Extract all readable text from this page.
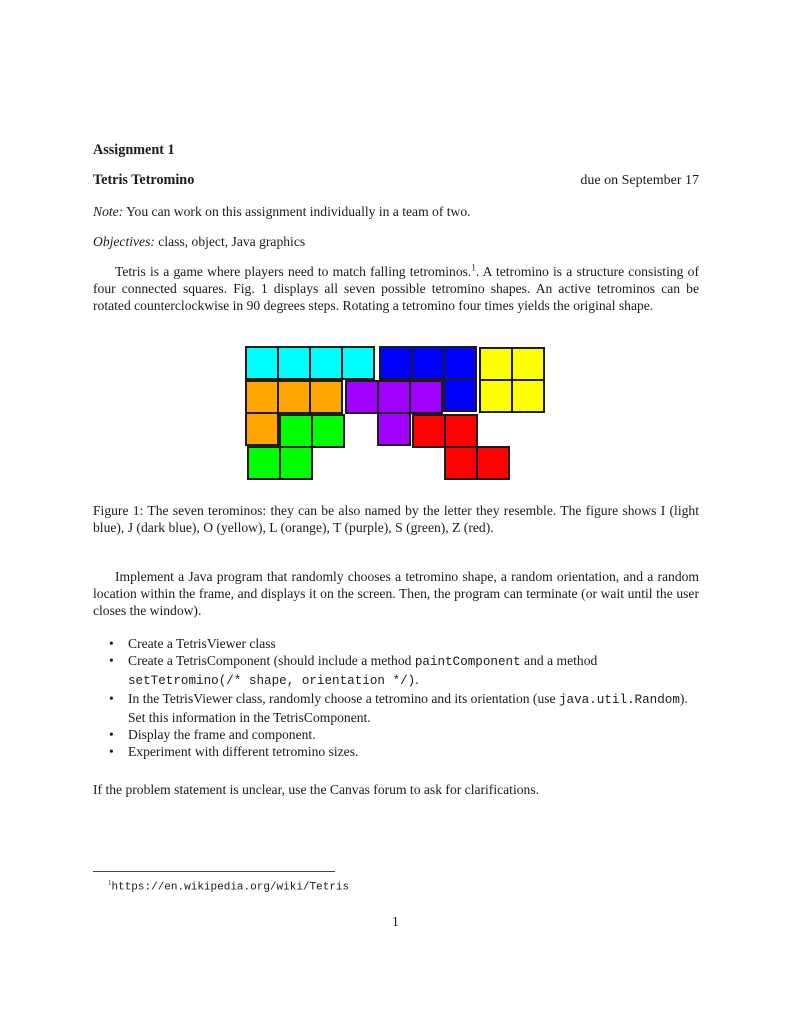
Assignment 1
Tetris Tetromino	due on September 17
Note: You can work on this assignment individually in a team of two.
Objectives: class, object, Java graphics
Tetris is a game where players need to match falling tetrominos.$^1$. A tetromino is a structure consisting of four connected squares. Fig. 1 displays all seven possible tetromino shapes. An active tetrominos can be rotated counterclockwise in 90 degrees steps. Rotating a tetromino four times yields the original shape.
Figure 1: The seven terominos: they can be also named by the letter they resemble. The figure shows I (light blue), J (dark blue), O (yellow), L (orange), T (purple), S (green), Z (red).
Implement a Java program that randomly chooses a tetromino shape, a random orientation, and a random location within the frame, and displays it on the screen. Then, the program can terminate (or wait until the user closes the window).
• Create a TetrisViewer class
• Create a TetrisComponent (should include a method paintComponent and a method setTetromino(/* shape, orientation */).
• In the TetrisViewer class, randomly choose a tetromino and its orientation (use java.util.Random). Set this information in the TetrisComponent.
• Display the frame and component.
• Experiment with different tetromino sizes.
If the problem statement is unclear, use the Canvas forum to ask for clarifications.
$^1$https://en.wikipedia.org/wiki/Tetris
1
